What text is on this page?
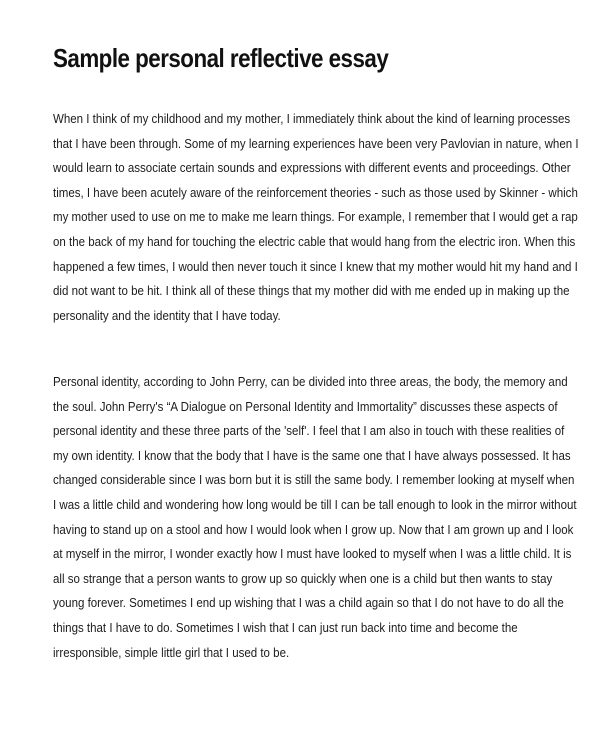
Sample personal reflective essay

When I think of my childhood and my mother, I immediately think about the kind of learning processes
that I have been through. Some of my learning experiences have been very Pavlovian in nature, when I
would learn to associate certain sounds and expressions with different events and proceedings. Other
times, I have been acutely aware of the reinforcement theories - such as those used by Skinner - which
my mother used to use on me to make me learn things. For example, I remember that I would get a rap
on the back of my hand for touching the electric cable that would hang from the electric iron. When this
happened a few times, I would then never touch it since I knew that my mother would hit my hand and I
did not want to be hit. I think all of these things that my mother did with me ended up in making up the
personality and the identity that I have today.

Personal identity, according to John Perry, can be divided into three areas, the body, the memory and
the soul. John Perry's “A Dialogue on Personal Identity and Immortality” discusses these aspects of
personal identity and these three parts of the 'self'. I feel that I am also in touch with these realities of
my own identity. I know that the body that I have is the same one that I have always possessed. It has
changed considerable since I was born but it is still the same body. I remember looking at myself when
I was a little child and wondering how long would be till I can be tall enough to look in the mirror without
having to stand up on a stool and how I would look when I grow up. Now that I am grown up and I look
at myself in the mirror, I wonder exactly how I must have looked to myself when I was a little child. It is
all so strange that a person wants to grow up so quickly when one is a child but then wants to stay
young forever. Sometimes I end up wishing that I was a child again so that I do not have to do all the
things that I have to do. Sometimes I wish that I can just run back into time and become the
irresponsible, simple little girl that I used to be.
